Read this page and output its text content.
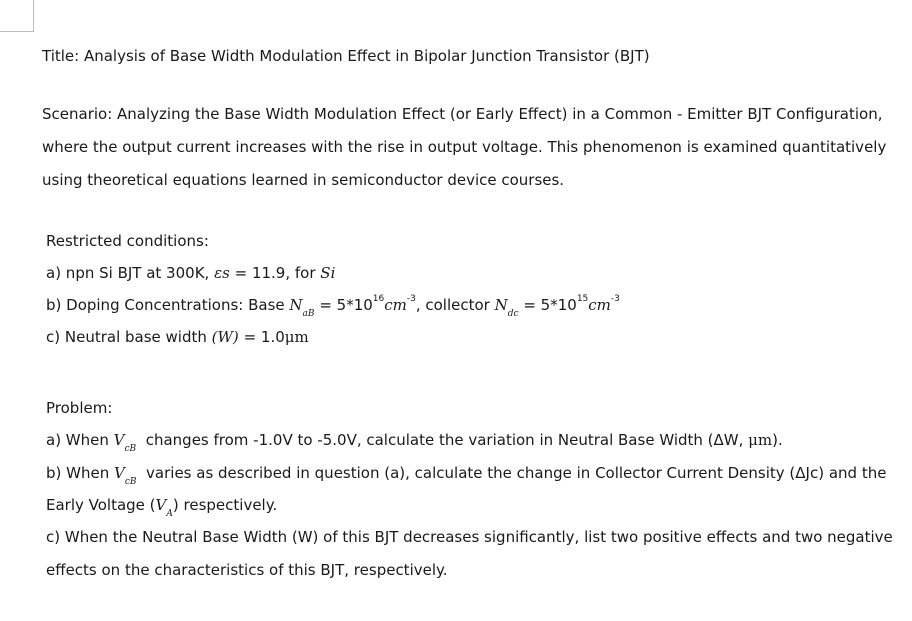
Title: Analysis of Base Width Modulation Effect in Bipolar Junction Transistor (BJT)
Scenario: Analyzing the Base Width Modulation Effect (or Early Effect) in a Common - Emitter BJT Configuration,
where the output current increases with the rise in output voltage. This phenomenon is examined quantitatively
using theoretical equations learned in semiconductor device courses.
Restricted conditions:
a) npn Si BJT at 300K, εs = 11.9, for Si
b) Doping Concentrations: Base $N_{aB} = 5*10^{16}cm^{-3}$, collector $N_{dc} = 5*10^{15}cm^{-3}$
c) Neutral base width (W) = 1.0μm
Problem:
a) When $V_{cB}$ changes from -1.0V to -5.0V, calculate the variation in Neutral Base Width (ΔW, μm).
b) When $V_{cB}$ varies as described in question (a), calculate the change in Collector Current Density (ΔJc) and the
Early Voltage $(V_A)$ respectively.
c) When the Neutral Base Width (W) of this BJT decreases significantly, list two positive effects and two negative
effects on the characteristics of this BJT, respectively.
